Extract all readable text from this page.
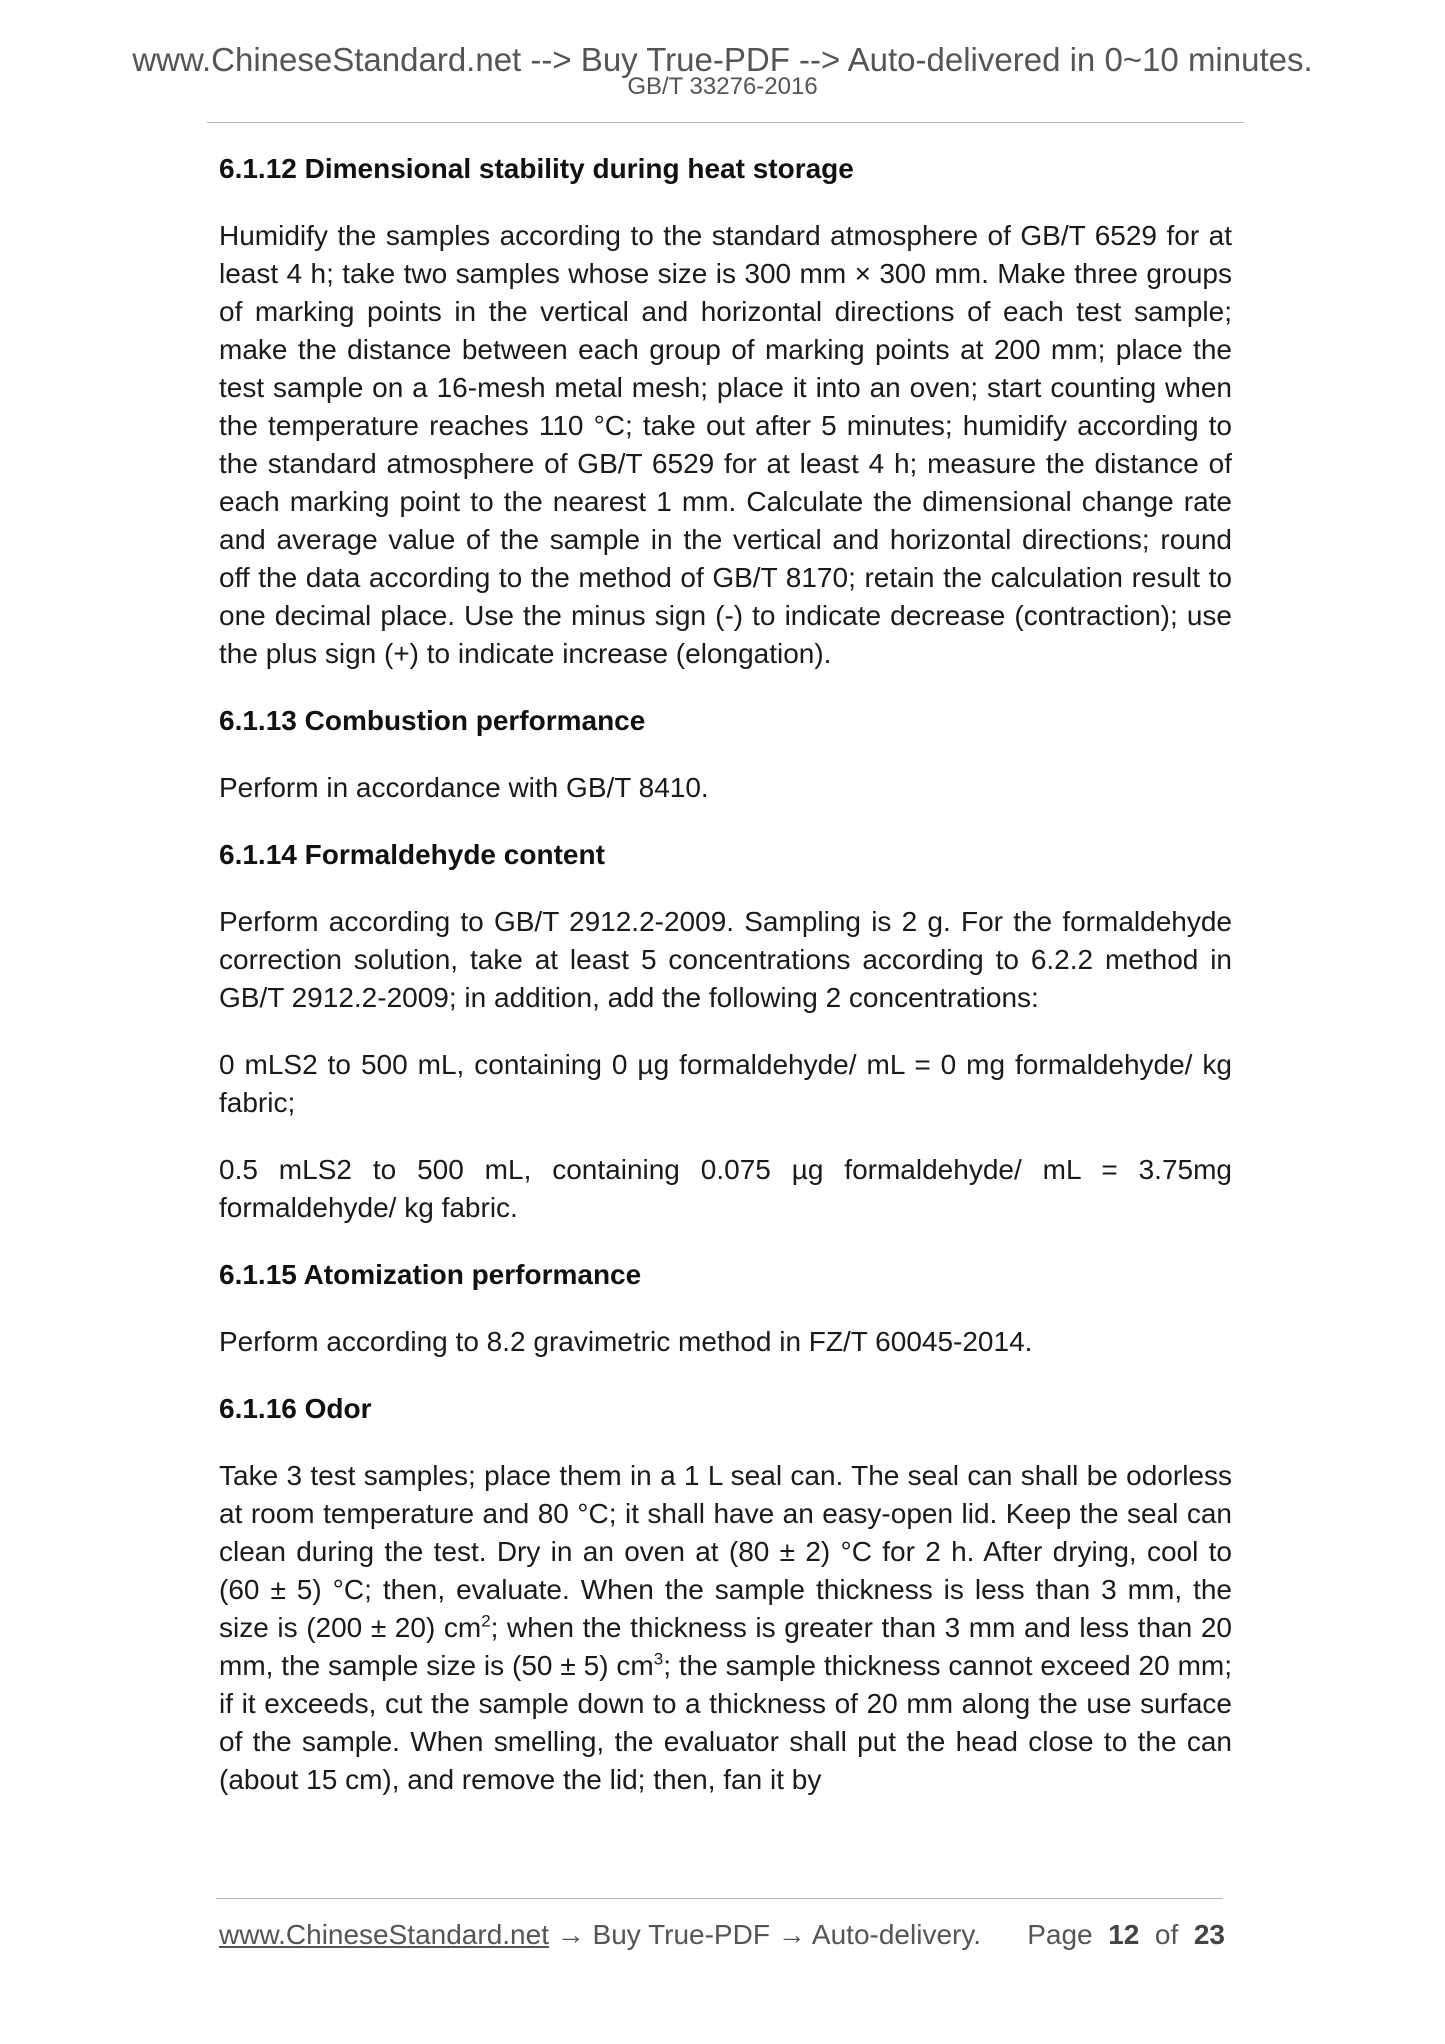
www.ChineseStandard.net --> Buy True-PDF --> Auto-delivered in 0~10 minutes.
GB/T 33276-2016
6.1.12 Dimensional stability during heat storage
Humidify the samples according to the standard atmosphere of GB/T 6529 for at least 4 h; take two samples whose size is 300 mm × 300 mm. Make three groups of marking points in the vertical and horizontal directions of each test sample; make the distance between each group of marking points at 200 mm; place the test sample on a 16-mesh metal mesh; place it into an oven; start counting when the temperature reaches 110 °C; take out after 5 minutes; humidify according to the standard atmosphere of GB/T 6529 for at least 4 h; measure the distance of each marking point to the nearest 1 mm. Calculate the dimensional change rate and average value of the sample in the vertical and horizontal directions; round off the data according to the method of GB/T 8170; retain the calculation result to one decimal place. Use the minus sign (-) to indicate decrease (contraction); use the plus sign (+) to indicate increase (elongation).
6.1.13 Combustion performance
Perform in accordance with GB/T 8410.
6.1.14 Formaldehyde content
Perform according to GB/T 2912.2-2009. Sampling is 2 g. For the formaldehyde correction solution, take at least 5 concentrations according to 6.2.2 method in GB/T 2912.2-2009; in addition, add the following 2 concentrations:
0 mLS2 to 500 mL, containing 0 µg formaldehyde/ mL = 0 mg formaldehyde/ kg fabric;
0.5 mLS2 to 500 mL, containing 0.075 µg formaldehyde/ mL = 3.75mg formaldehyde/ kg fabric.
6.1.15 Atomization performance
Perform according to 8.2 gravimetric method in FZ/T 60045-2014.
6.1.16 Odor
Take 3 test samples; place them in a 1 L seal can. The seal can shall be odorless at room temperature and 80 °C; it shall have an easy-open lid. Keep the seal can clean during the test. Dry in an oven at (80 ± 2) °C for 2 h. After drying, cool to (60 ± 5) °C; then, evaluate. When the sample thickness is less than 3 mm, the size is (200 ± 20) $cm^2$; when the thickness is greater than 3 mm and less than 20 mm, the sample size is (50 ± 5) $cm^3$; the sample thickness cannot exceed 20 mm; if it exceeds, cut the sample down to a thickness of 20 mm along the use surface of the sample. When smelling, the evaluator shall put the head close to the can (about 15 cm), and remove the lid; then, fan it by
www.ChineseStandard.net → Buy True-PDF → Auto-delivery. Page 12 of 23
